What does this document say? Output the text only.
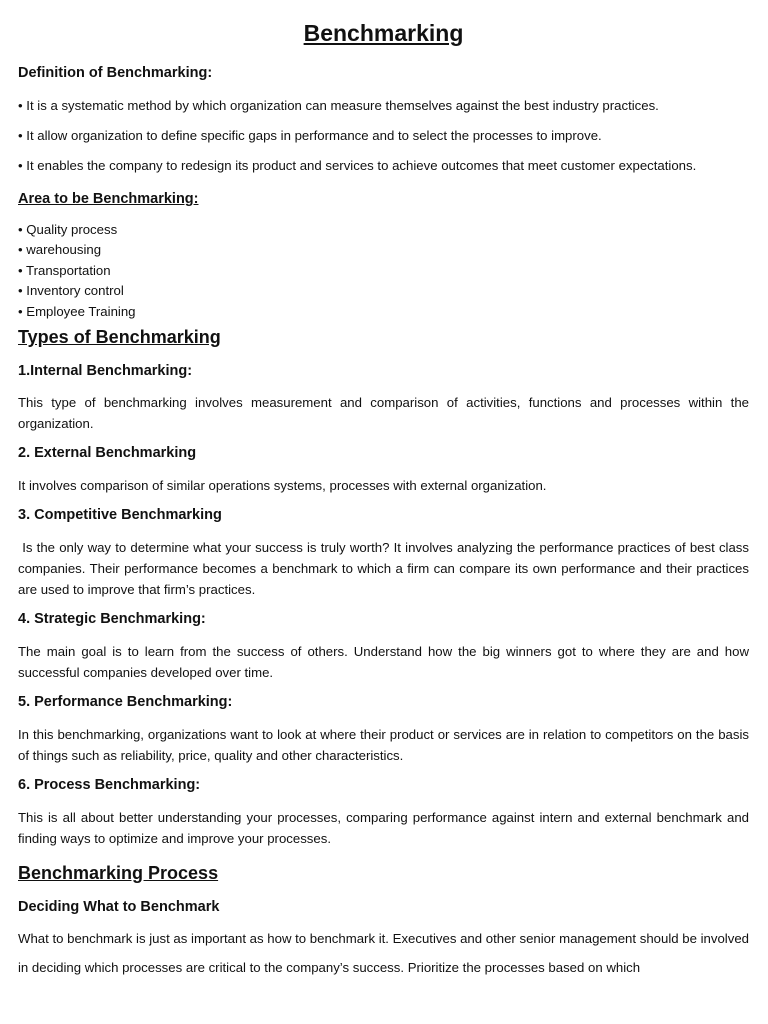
Benchmarking
Definition of Benchmarking:

• It is a systematic method by which organization can measure themselves against the best industry practices.

• It allow organization to define specific gaps in performance and to select the processes to improve.

• It enables the company to redesign its product and services to achieve outcomes that meet customer expectations.

Area to be Benchmarking:

• Quality process

• warehousing

• Transportation

• Inventory control

• Employee Training

Types of Benchmarking
1.Internal Benchmarking:

This type of benchmarking involves measurement and comparison of activities, functions and processes within the organization.

2. External Benchmarking

It involves comparison of similar operations systems, processes with external organization.

3. Competitive Benchmarking

Is the only way to determine what your success is truly worth? It involves analyzing the performance practices of best class companies. Their performance becomes a benchmark to which a firm can compare its own performance and their practices are used to improve that firm’s practices.

4. Strategic Benchmarking:

The main goal is to learn from the success of others. Understand how the big winners got to where they are and how successful companies developed over time.

5. Performance Benchmarking:

In this benchmarking, organizations want to look at where their product or services are in relation to competitors on the basis of things such as reliability, price, quality and other characteristics.

6. Process Benchmarking:

This is all about better understanding your processes, comparing performance against intern and external benchmark and finding ways to optimize and improve your processes.

Benchmarking Process
Deciding What to Benchmark

What to benchmark is just as important as how to benchmark it. Executives and other senior management should be involved in deciding which processes are critical to the company’s success. Prioritize the processes based on which
